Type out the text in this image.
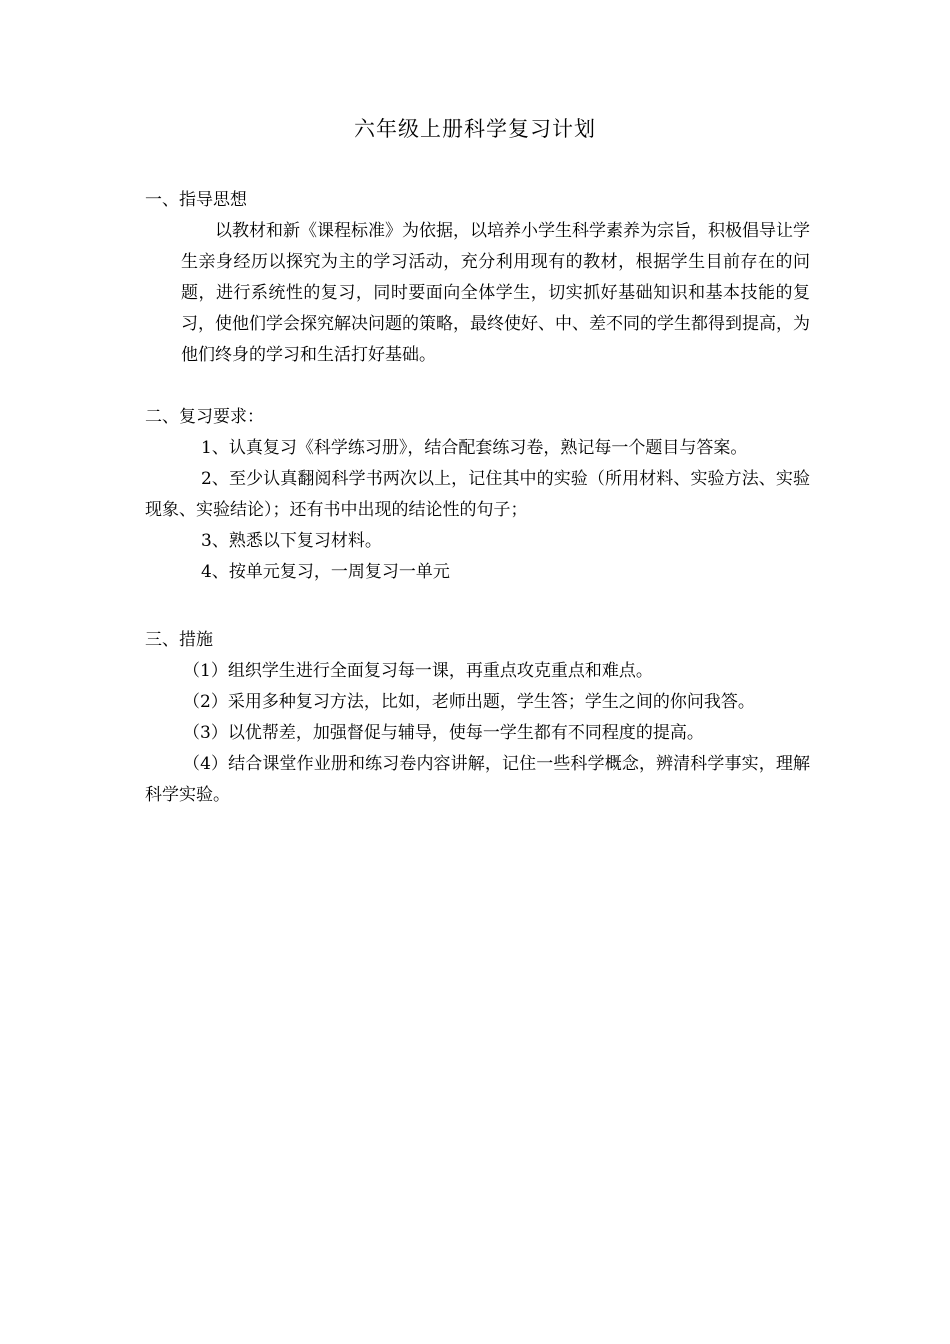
六年级上册科学复习计划
一、指导思想

以教材和新《课程标准》为依据，以培养小学生科学素养为宗旨，积极倡导让学生亲身经历以探究为主的学习活动，充分利用现有的教材，根据学生目前存在的问题，进行系统性的复习，同时要面向全体学生，切实抓好基础知识和基本技能的复习，使他们学会探究解决问题的策略，最终使好、中、差不同的学生都得到提高，为他们终身的学习和生活打好基础。

二、复习要求：

1、认真复习《科学练习册》，结合配套练习卷，熟记每一个题目与答案。

2、至少认真翻阅科学书两次以上，记住其中的实验（所用材料、实验方法、实验现象、实验结论）；还有书中出现的结论性的句子；

3、熟悉以下复习材料。

4、按单元复习，一周复习一单元

三、措施

（1）组织学生进行全面复习每一课，再重点攻克重点和难点。

（2）采用多种复习方法，比如，老师出题，学生答；学生之间的你问我答。

（3）以优帮差，加强督促与辅导，使每一学生都有不同程度的提高。

（4）结合课堂作业册和练习卷内容讲解，记住一些科学概念，辨清科学事实，理解科学实验。
